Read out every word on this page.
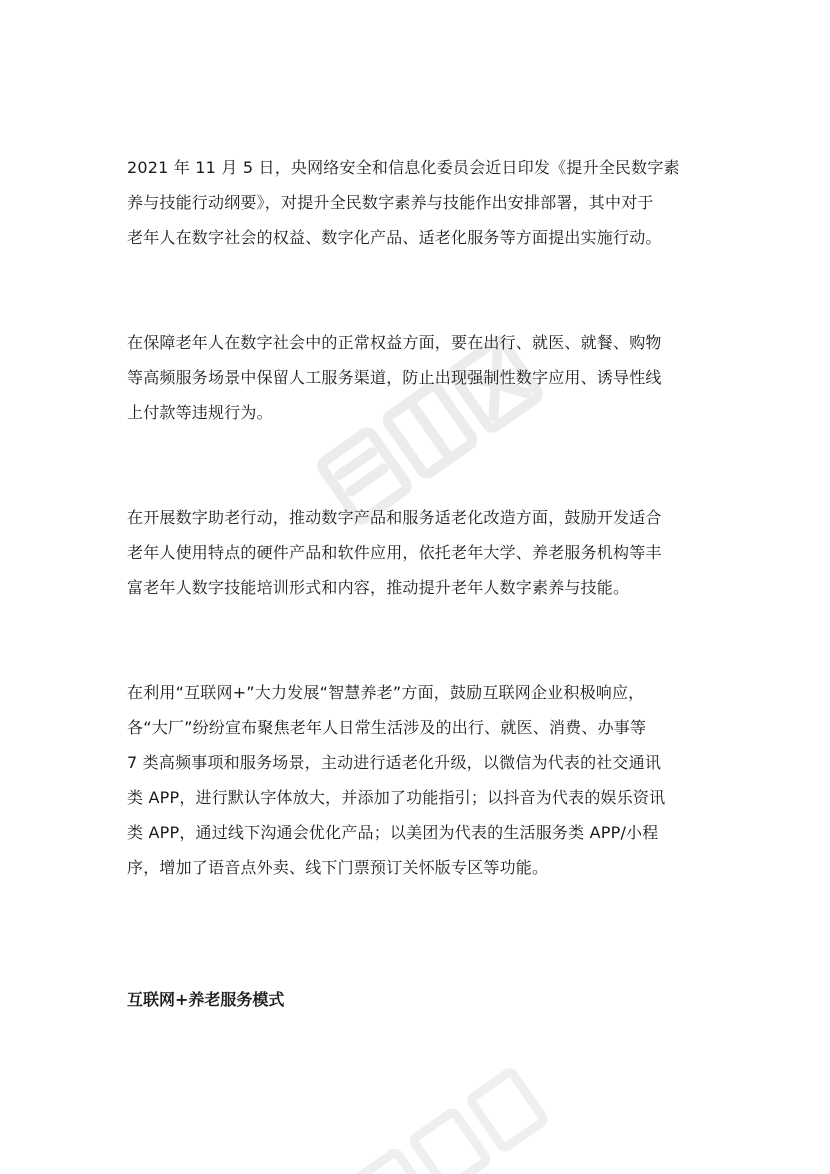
2021 年 11 月 5 日，央网络安全和信息化委员会近日印发《提升全民数字素
养与技能行动纲要》，对提升全民数字素养与技能作出安排部署，其中对于
老年人在数字社会的权益、数字化产品、适老化服务等方面提出实施行动。

在保障老年人在数字社会中的正常权益方面，要在出行、就医、就餐、购物
等高频服务场景中保留人工服务渠道，防止出现强制性数字应用、诱导性线
上付款等违规行为。

在开展数字助老行动，推动数字产品和服务适老化改造方面，鼓励开发适合
老年人使用特点的硬件产品和软件应用，依托老年大学、养老服务机构等丰
富老年人数字技能培训形式和内容，推动提升老年人数字素养与技能。

在利用“互联网+”大力发展“智慧养老”方面，鼓励互联网企业积极响应，
各“大厂”纷纷宣布聚焦老年人日常生活涉及的出行、就医、消费、办事等
7 类高频事项和服务场景，主动进行适老化升级，以微信为代表的社交通讯
类 APP，进行默认字体放大，并添加了功能指引；以抖音为代表的娱乐资讯
类 APP，通过线下沟通会优化产品；以美团为代表的生活服务类 APP/小程
序，增加了语音点外卖、线下门票预订关怀版专区等功能。

互联网+养老服务模式
